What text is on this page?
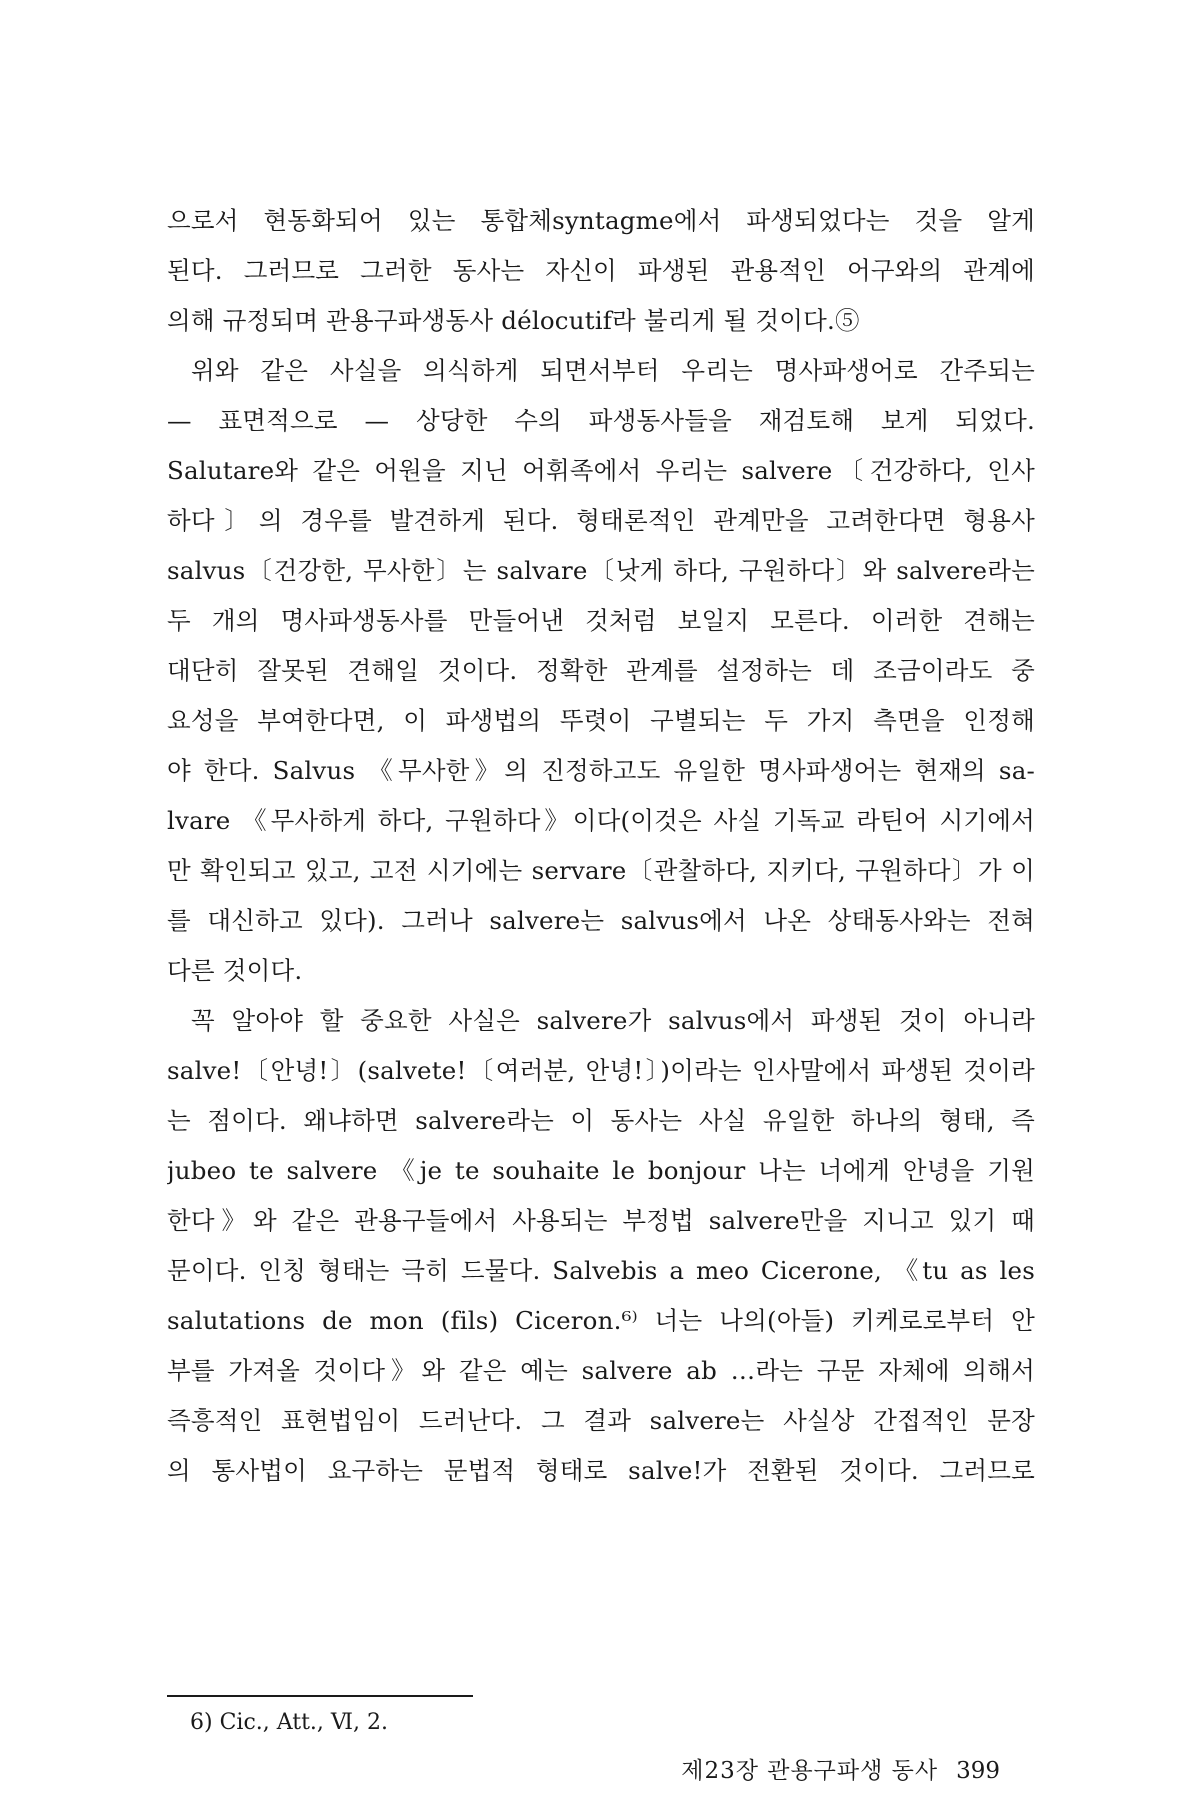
으로서 현동화되어 있는 통합체syntagme에서 파생되었다는 것을 알게
된다. 그러므로 그러한 동사는 자신이 파생된 관용적인 어구와의 관계에
의해 규정되며 관용구파생동사 délocutif라 불리게 될 것이다.⑤
위와 같은 사실을 의식하게 되면서부터 우리는 명사파생어로 간주되는
— 표면적으로 — 상당한 수의 파생동사들을 재검토해 보게 되었다.
Salutare와 같은 어원을 지닌 어휘족에서 우리는 salvere〔건강하다, 인사
하다〕의 경우를 발견하게 된다. 형태론적인 관계만을 고려한다면 형용사
salvus〔건강한, 무사한〕는 salvare〔낫게 하다, 구원하다〕와 salvere라는
두 개의 명사파생동사를 만들어낸 것처럼 보일지 모른다. 이러한 견해는
대단히 잘못된 견해일 것이다. 정확한 관계를 설정하는 데 조금이라도 중
요성을 부여한다면, 이 파생법의 뚜렷이 구별되는 두 가지 측면을 인정해
야 한다. Salvus 《무사한》의 진정하고도 유일한 명사파생어는 현재의 sa-
lvare 《무사하게 하다, 구원하다》이다(이것은 사실 기독교 라틴어 시기에서
만 확인되고 있고, 고전 시기에는 servare〔관찰하다, 지키다, 구원하다〕가 이
를 대신하고 있다). 그러나 salvere는 salvus에서 나온 상태동사와는 전혀
다른 것이다.
꼭 알아야 할 중요한 사실은 salvere가 salvus에서 파생된 것이 아니라
salve!〔안녕!〕(salvete!〔여러분, 안녕!〕)이라는 인사말에서 파생된 것이라
는 점이다. 왜냐하면 salvere라는 이 동사는 사실 유일한 하나의 형태, 즉
jubeo te salvere 《je te souhaite le bonjour 나는 너에게 안녕을 기원
한다》와 같은 관용구들에서 사용되는 부정법 salvere만을 지니고 있기 때
문이다. 인칭 형태는 극히 드물다. Salvebis a meo Cicerone, 《tu as les
salutations de mon (fils) Ciceron.⁶⁾ 너는 나의(아들) 키케로로부터 안
부를 가져올 것이다》와 같은 예는 salvere ab …라는 구문 자체에 의해서
즉흥적인 표현법임이 드러난다. 그 결과 salvere는 사실상 간접적인 문장
의 통사법이 요구하는 문법적 형태로 salve!가 전환된 것이다. 그러므로
6) Cic., Att., Ⅵ, 2.
제23장 관용구파생 동사 399
